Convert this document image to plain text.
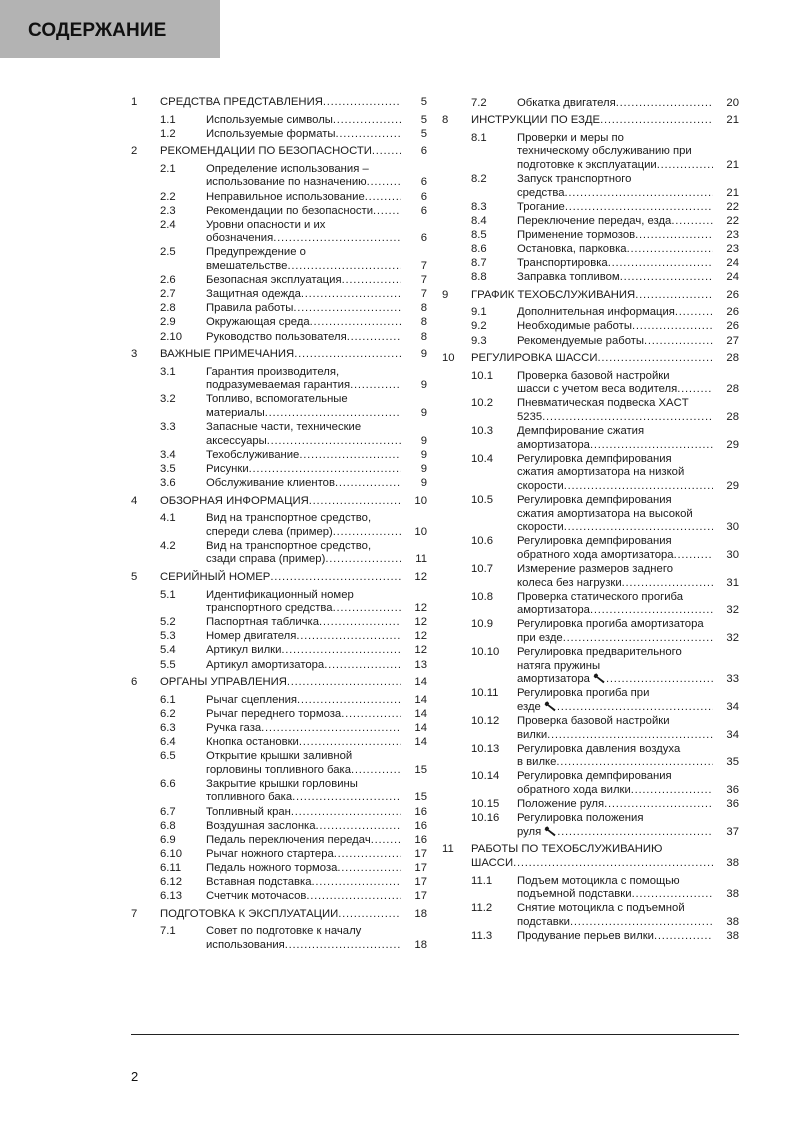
СОДЕРЖАНИЕ
1	СРЕДСТВА ПРЕДСТАВЛЕНИЯ . . .	5
1.1	Используемые символы . . .	5
1.2	Используемые форматы . . .	5
2	РЕКОМЕНДАЦИИ ПО БЕЗОПАСНОСТИ . . .	6
2.1	Определение использования –
использование по назначению . . .	6
2.2	Неправильное использование . . .	6
2.3	Рекомендации по безопасности . . .	6
2.4	Уровни опасности и их
обозначения . . .	6
2.5	Предупреждение о
вмешательстве . . .	7
2.6	Безопасная эксплуатация . . .	7
2.7	Защитная одежда . . .	7
2.8	Правила работы . . .	8
2.9	Окружающая среда . . .	8
2.10	Руководство пользователя . . .	8
3	ВАЖНЫЕ ПРИМЕЧАНИЯ . . .	9
3.1	Гарантия производителя,
подразумеваемая гарантия . . .	9
3.2	Топливо, вспомогательные
материалы . . .	9
3.3	Запасные части, технические
аксессуары . . .	9
3.4	Техобслуживание . . .	9
3.5	Рисунки . . .	9
3.6	Обслуживание клиентов . . .	9
4	ОБЗОРНАЯ ИНФОРМАЦИЯ . . .	10
4.1	Вид на транспортное средство,
спереди слева (пример) . . .	10
4.2	Вид на транспортное средство,
сзади справа (пример) . . .	11
5	СЕРИЙНЫЙ НОМЕР . . .	12
5.1	Идентификационный номер
транспортного средства . . .	12
5.2	Паспортная табличка . . .	12
5.3	Номер двигателя . . .	12
5.4	Артикул вилки . . .	12
5.5	Артикул амортизатора . . .	13
6	ОРГАНЫ УПРАВЛЕНИЯ . . .	14
6.1	Рычаг сцепления . . .	14
6.2	Рычаг переднего тормоза . . .	14
6.3	Ручка газа . . .	14
6.4	Кнопка остановки . . .	14
6.5	Открытие крышки заливной
горловины топливного бака . . .	15
6.6	Закрытие крышки горловины
топливного бака . . .	15
6.7	Топливный кран . . .	16
6.8	Воздушная заслонка . . .	16
6.9	Педаль переключения передач . . .	16
6.10	Рычаг ножного стартера . . .	17
6.11	Педаль ножного тормоза . . .	17
6.12	Вставная подставка . . .	17
6.13	Счетчик моточасов . . .	17
7	ПОДГОТОВКА К ЭКСПЛУАТАЦИИ . . .	18
7.1	Совет по подготовке к началу
использования . . .	18
7.2	Обкатка двигателя . . .	20
8	ИНСТРУКЦИИ ПО ЕЗДЕ . . .	21
8.1	Проверки и меры по
техническому обслуживанию при
подготовке к эксплуатации . . .	21
8.2	Запуск транспортного
средства . . .	21
8.3	Трогание . . .	22
8.4	Переключение передач, езда . . .	22
8.5	Применение тормозов . . .	23
8.6	Остановка, парковка . . .	23
8.7	Транспортировка . . .	24
8.8	Заправка топливом . . .	24
9	ГРАФИК ТЕХОБСЛУЖИВАНИЯ . . .	26
9.1	Дополнительная информация . . .	26
9.2	Необходимые работы . . .	26
9.3	Рекомендуемые работы . . .	27
10	РЕГУЛИРОВКА ШАССИ . . .	28
10.1	Проверка базовой настройки
шасси с учетом веса водителя . . .	28
10.2	Пневматическая подвеска XACT
5235 . . .	28
10.3	Демпфирование сжатия
амортизатора . . .	29
10.4	Регулировка демпфирования
сжатия амортизатора на низкой
скорости . . .	29
10.5	Регулировка демпфирования
сжатия амортизатора на высокой
скорости . . .	30
10.6	Регулировка демпфирования
обратного хода амортизатора . . .	30
10.7	Измерение размеров заднего
колеса без нагрузки . . .	31
10.8	Проверка статического прогиба
амортизатора . . .	32
10.9	Регулировка прогиба амортизатора
при езде . . .	32
10.10	Регулировка предварительного
натяга пружины
амортизатора . . .	33
10.11	Регулировка прогиба при
езде . . .	34
10.12	Проверка базовой настройки
вилки . . .	34
10.13	Регулировка давления воздуха
в вилке . . .	35
10.14	Регулировка демпфирования
обратного хода вилки . . .	36
10.15	Положение руля . . .	36
10.16	Регулировка положения
руля . . .	37
11	РАБОТЫ ПО ТЕХОБСЛУЖИВАНИЮ
ШАССИ . . .	38
11.1	Подъем мотоцикла с помощью
подъемной подставки . . .	38
11.2	Снятие мотоцикла с подъемной
подставки . . .	38
11.3	Продувание перьев вилки . . .	38
2
